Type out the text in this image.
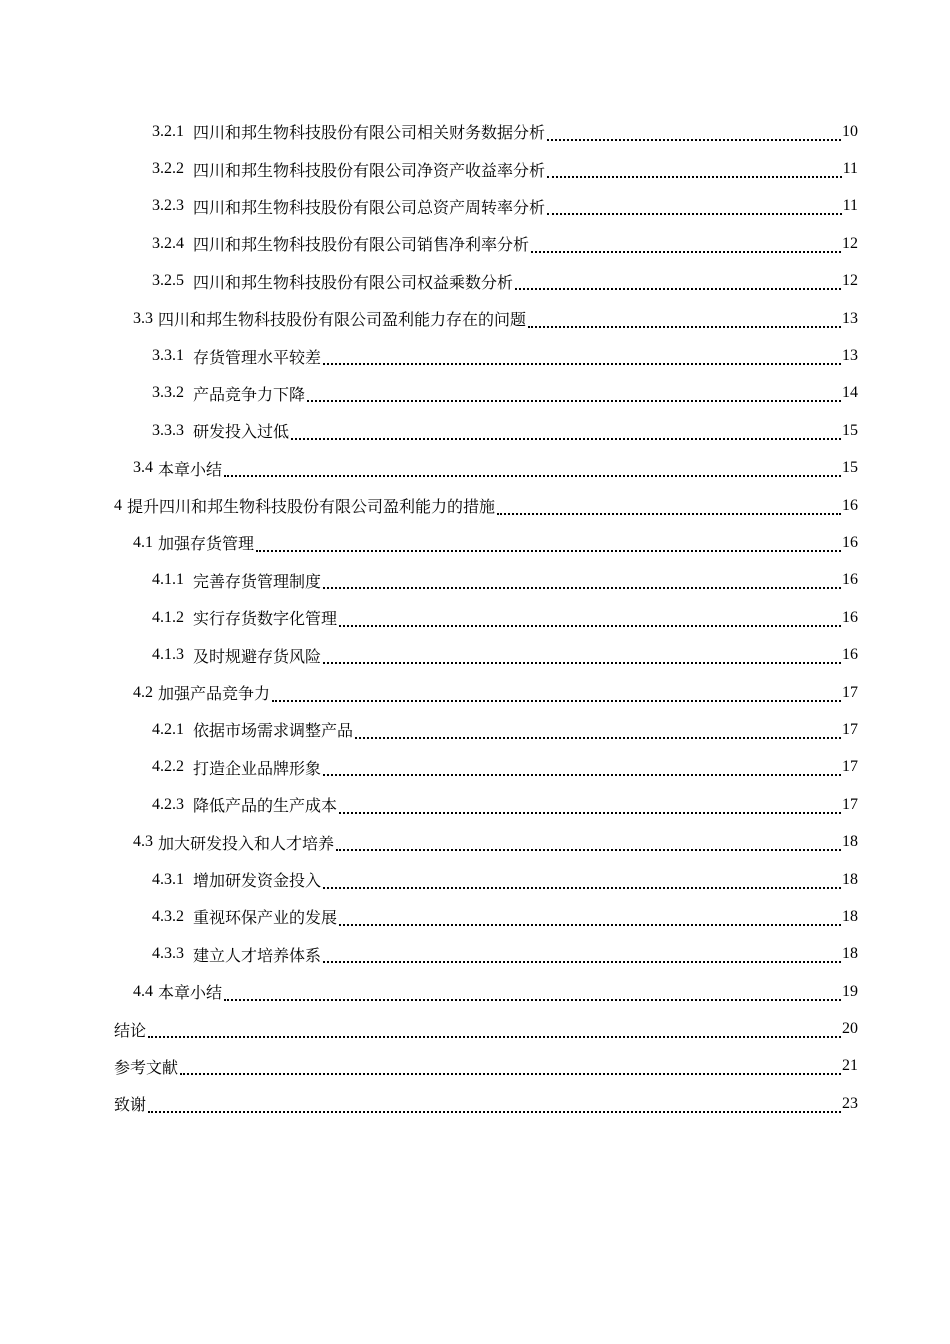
3.2.1 四川和邦生物科技股份有限公司相关财务数据分析	10
3.2.2 四川和邦生物科技股份有限公司净资产收益率分析	11
3.2.3 四川和邦生物科技股份有限公司总资产周转率分析	11
3.2.4 四川和邦生物科技股份有限公司销售净利率分析	12
3.2.5 四川和邦生物科技股份有限公司权益乘数分析	12
3.3 四川和邦生物科技股份有限公司盈利能力存在的问题	13
3.3.1 存货管理水平较差	13
3.3.2 产品竞争力下降	14
3.3.3 研发投入过低	15
3.4 本章小结	15
4 提升四川和邦生物科技股份有限公司盈利能力的措施	16
4.1 加强存货管理	16
4.1.1 完善存货管理制度	16
4.1.2 实行存货数字化管理	16
4.1.3 及时规避存货风险	16
4.2 加强产品竞争力	17
4.2.1 依据市场需求调整产品	17
4.2.2 打造企业品牌形象	17
4.2.3 降低产品的生产成本	17
4.3 加大研发投入和人才培养	18
4.3.1 增加研发资金投入	18
4.3.2 重视环保产业的发展	18
4.3.3 建立人才培养体系	18
4.4 本章小结	19
结论	20
参考文献	21
致谢	23
